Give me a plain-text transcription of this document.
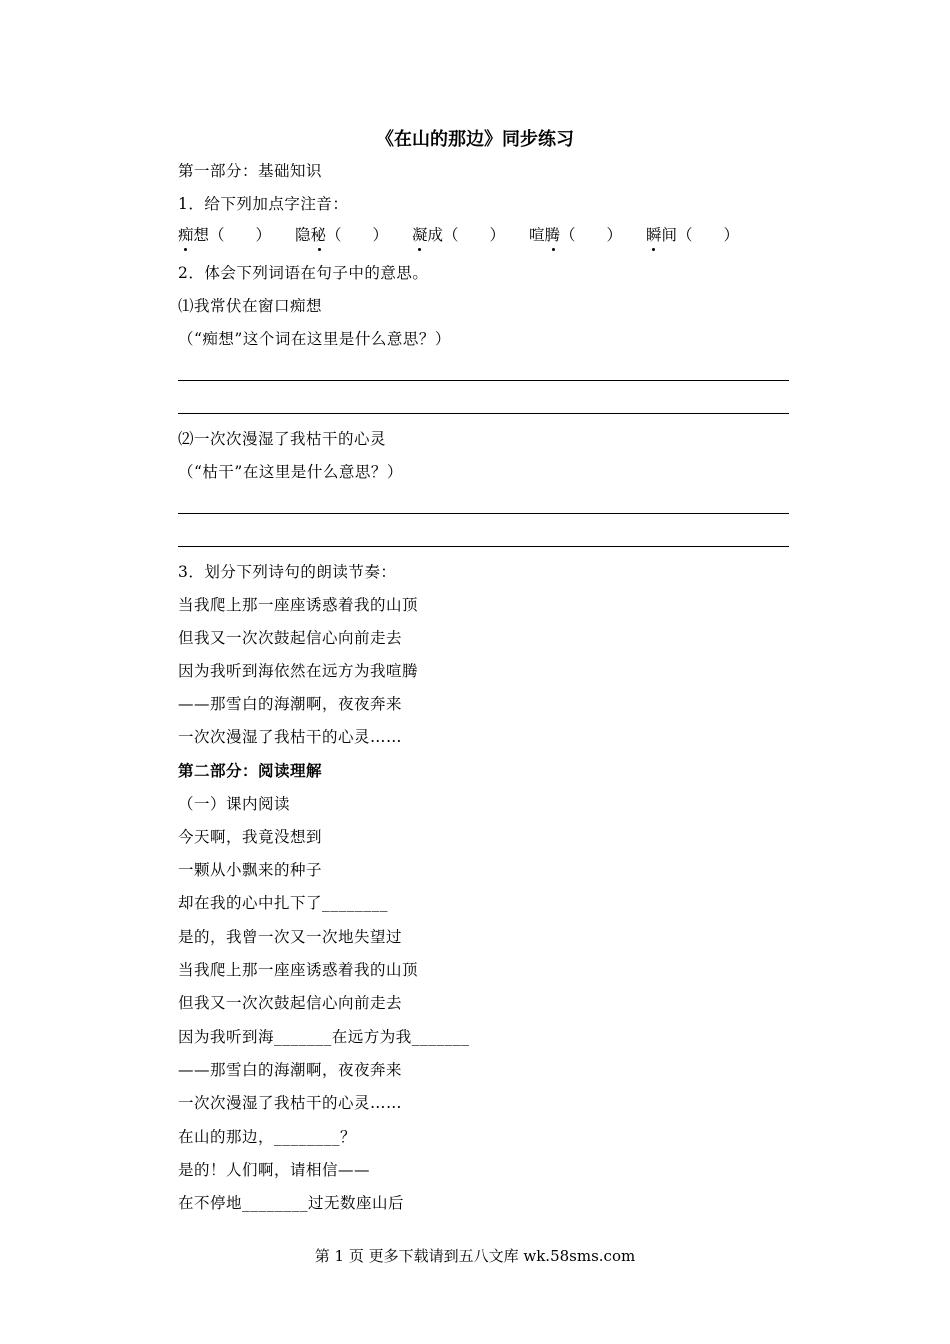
《在山的那边》同步练习
第一部分：基础知识
1．给下列加点字注音：
痴想（　　） 隐秘（　　） 凝成（　　） 喧腾（　　） 瞬间（　　）
2．体会下列词语在句子中的意思。
⑴我常伏在窗口痴想
（“痴想”这个词在这里是什么意思？）
⑵一次次漫湿了我枯干的心灵
（“枯干”在这里是什么意思？）
3．划分下列诗句的朗读节奏：
当我爬上那一座座诱惑着我的山顶
但我又一次次鼓起信心向前走去
因为我听到海依然在远方为我喧腾
——那雪白的海潮啊，夜夜奔来
一次次漫湿了我枯干的心灵……
第二部分：阅读理解
（一）课内阅读
今天啊，我竟没想到
一颗从小飘来的种子
却在我的心中扎下了________
是的，我曾一次又一次地失望过
当我爬上那一座座诱惑着我的山顶
但我又一次次鼓起信心向前走去
因为我听到海_______在远方为我_______
——那雪白的海潮啊，夜夜奔来
一次次漫湿了我枯干的心灵……
在山的那边，________？
是的！人们啊，请相信——
在不停地________过无数座山后
第 1 页 更多下载请到五八文库 wk.58sms.com
